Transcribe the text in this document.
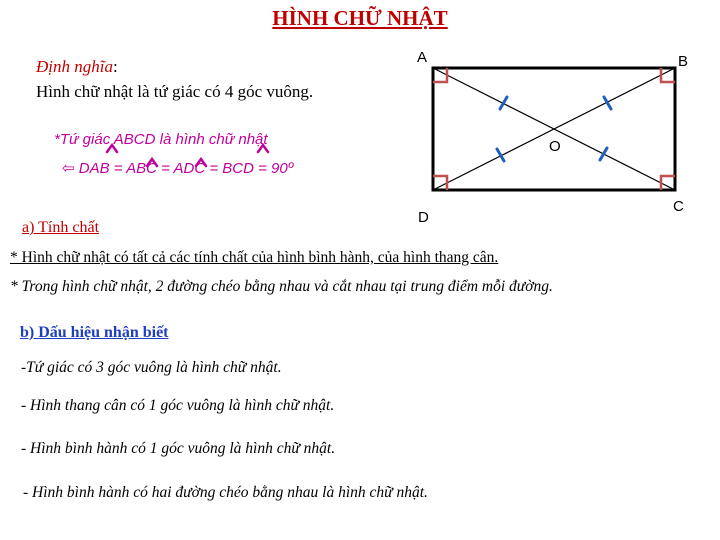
HÌNH CHỮ NHẬT
Định nghĩa:
Hình chữ nhật là tứ giác có 4 góc vuông.
*Tứ giác ABCD là hình chữ nhật
⇦ DAB = ABC = ADC = BCD = 90º
A	B
C
D
O
a) Tính chất
* Hình chữ nhật có tất cả các tính chất của hình bình hành, của hình thang cân.
* Trong hình chữ nhật, 2 đường chéo bằng nhau và cắt nhau tại trung điểm mỗi đường.
b) Dấu hiệu nhận biết
-Tứ giác có 3 góc vuông là hình chữ nhật.
- Hình thang cân có 1 góc vuông là hình chữ nhật.
- Hình bình hành có 1 góc vuông là hình chữ nhật.
- Hình bình hành có hai đường chéo bằng nhau là hình chữ nhật.
